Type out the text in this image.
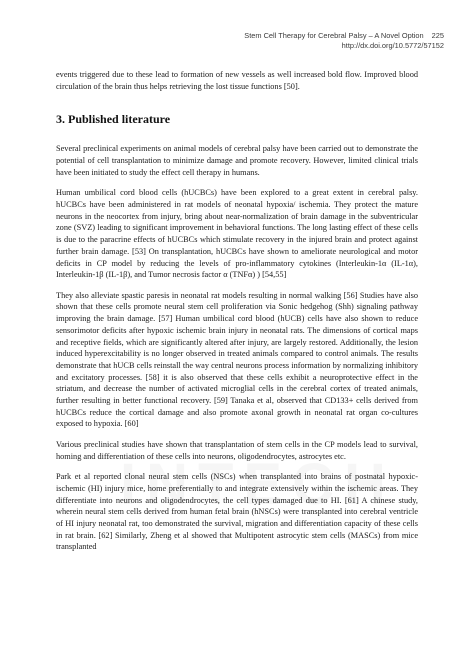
Stem Cell Therapy for Cerebral Palsy – A Novel Option 225
http://dx.doi.org/10.5772/57152

events triggered due to these lead to formation of new vessels as well increased bold flow. Improved blood circulation of the brain thus helps retrieving the lost tissue functions [50].

3. Published literature

Several preclinical experiments on animal models of cerebral palsy have been carried out to demonstrate the potential of cell transplantation to minimize damage and promote recovery. However, limited clinical trials have been initiated to study the effect cell therapy in humans.

Human umbilical cord blood cells (hUCBCs) have been explored to a great extent in cerebral palsy. hUCBCs have been administered in rat models of neonatal hypoxia/ ischemia. They protect the mature neurons in the neocortex from injury, bring about near-normalization of brain damage in the subventricular zone (SVZ) leading to significant improvement in behavioral functions. The long lasting effect of these cells is due to the paracrine effects of hUCBCs which stimulate recovery in the injured brain and protect against further brain damage. [53] On transplantation, hUCBCs have shown to ameliorate neurological and motor deficits in CP model by reducing the levels of pro-inflammatory cytokines (Interleukin-1α (IL-1α), Interleukin-1β (IL-1β), and Tumor necrosis factor α (TNFα) ) [54,55]

They also alleviate spastic paresis in neonatal rat models resulting in normal walking [56] Studies have also shown that these cells promote neural stem cell proliferation via Sonic hedgehog (Shh) signaling pathway improving the brain damage. [57] Human umbilical cord blood (hUCB) cells have also shown to reduce sensorimotor deficits after hypoxic ischemic brain injury in neonatal rats. The dimensions of cortical maps and receptive fields, which are significantly altered after injury, are largely restored. Additionally, the lesion induced hyperexcitability is no longer observed in treated animals compared to control animals. The results demonstrate that hUCB cells reinstall the way central neurons process information by normalizing inhibitory and excitatory processes. [58] it is also observed that these cells exhibit a neuroprotective effect in the striatum, and decrease the number of activated microglial cells in the cerebral cortex of treated animals, further resulting in better functional recovery. [59] Tanaka et al, observed that CD133+ cells derived from hUCBCs reduce the cortical damage and also promote axonal growth in neonatal rat organ co-cultures exposed to hypoxia. [60]

Various preclinical studies have shown that transplantation of stem cells in the CP models lead to survival, homing and differentiation of these cells into neurons, oligodendrocytes, astrocytes etc.

Park et al reported clonal neural stem cells (NSCs) when transplanted into brains of postnatal hypoxic-ischemic (HI) injury mice, home preferentially to and integrate extensively within the ischemic areas. They differentiate into neurons and oligodendrocytes, the cell types damaged due to HI. [61] A chinese study, wherein neural stem cells derived from human fetal brain (hNSCs) were transplanted into cerebral ventricle of HI injury neonatal rat, too demonstrated the survival, migration and differentiation capacity of these cells in rat brain. [62] Similarly, Zheng et al showed that Multipotent astrocytic stem cells (MASCs) from mice transplanted
